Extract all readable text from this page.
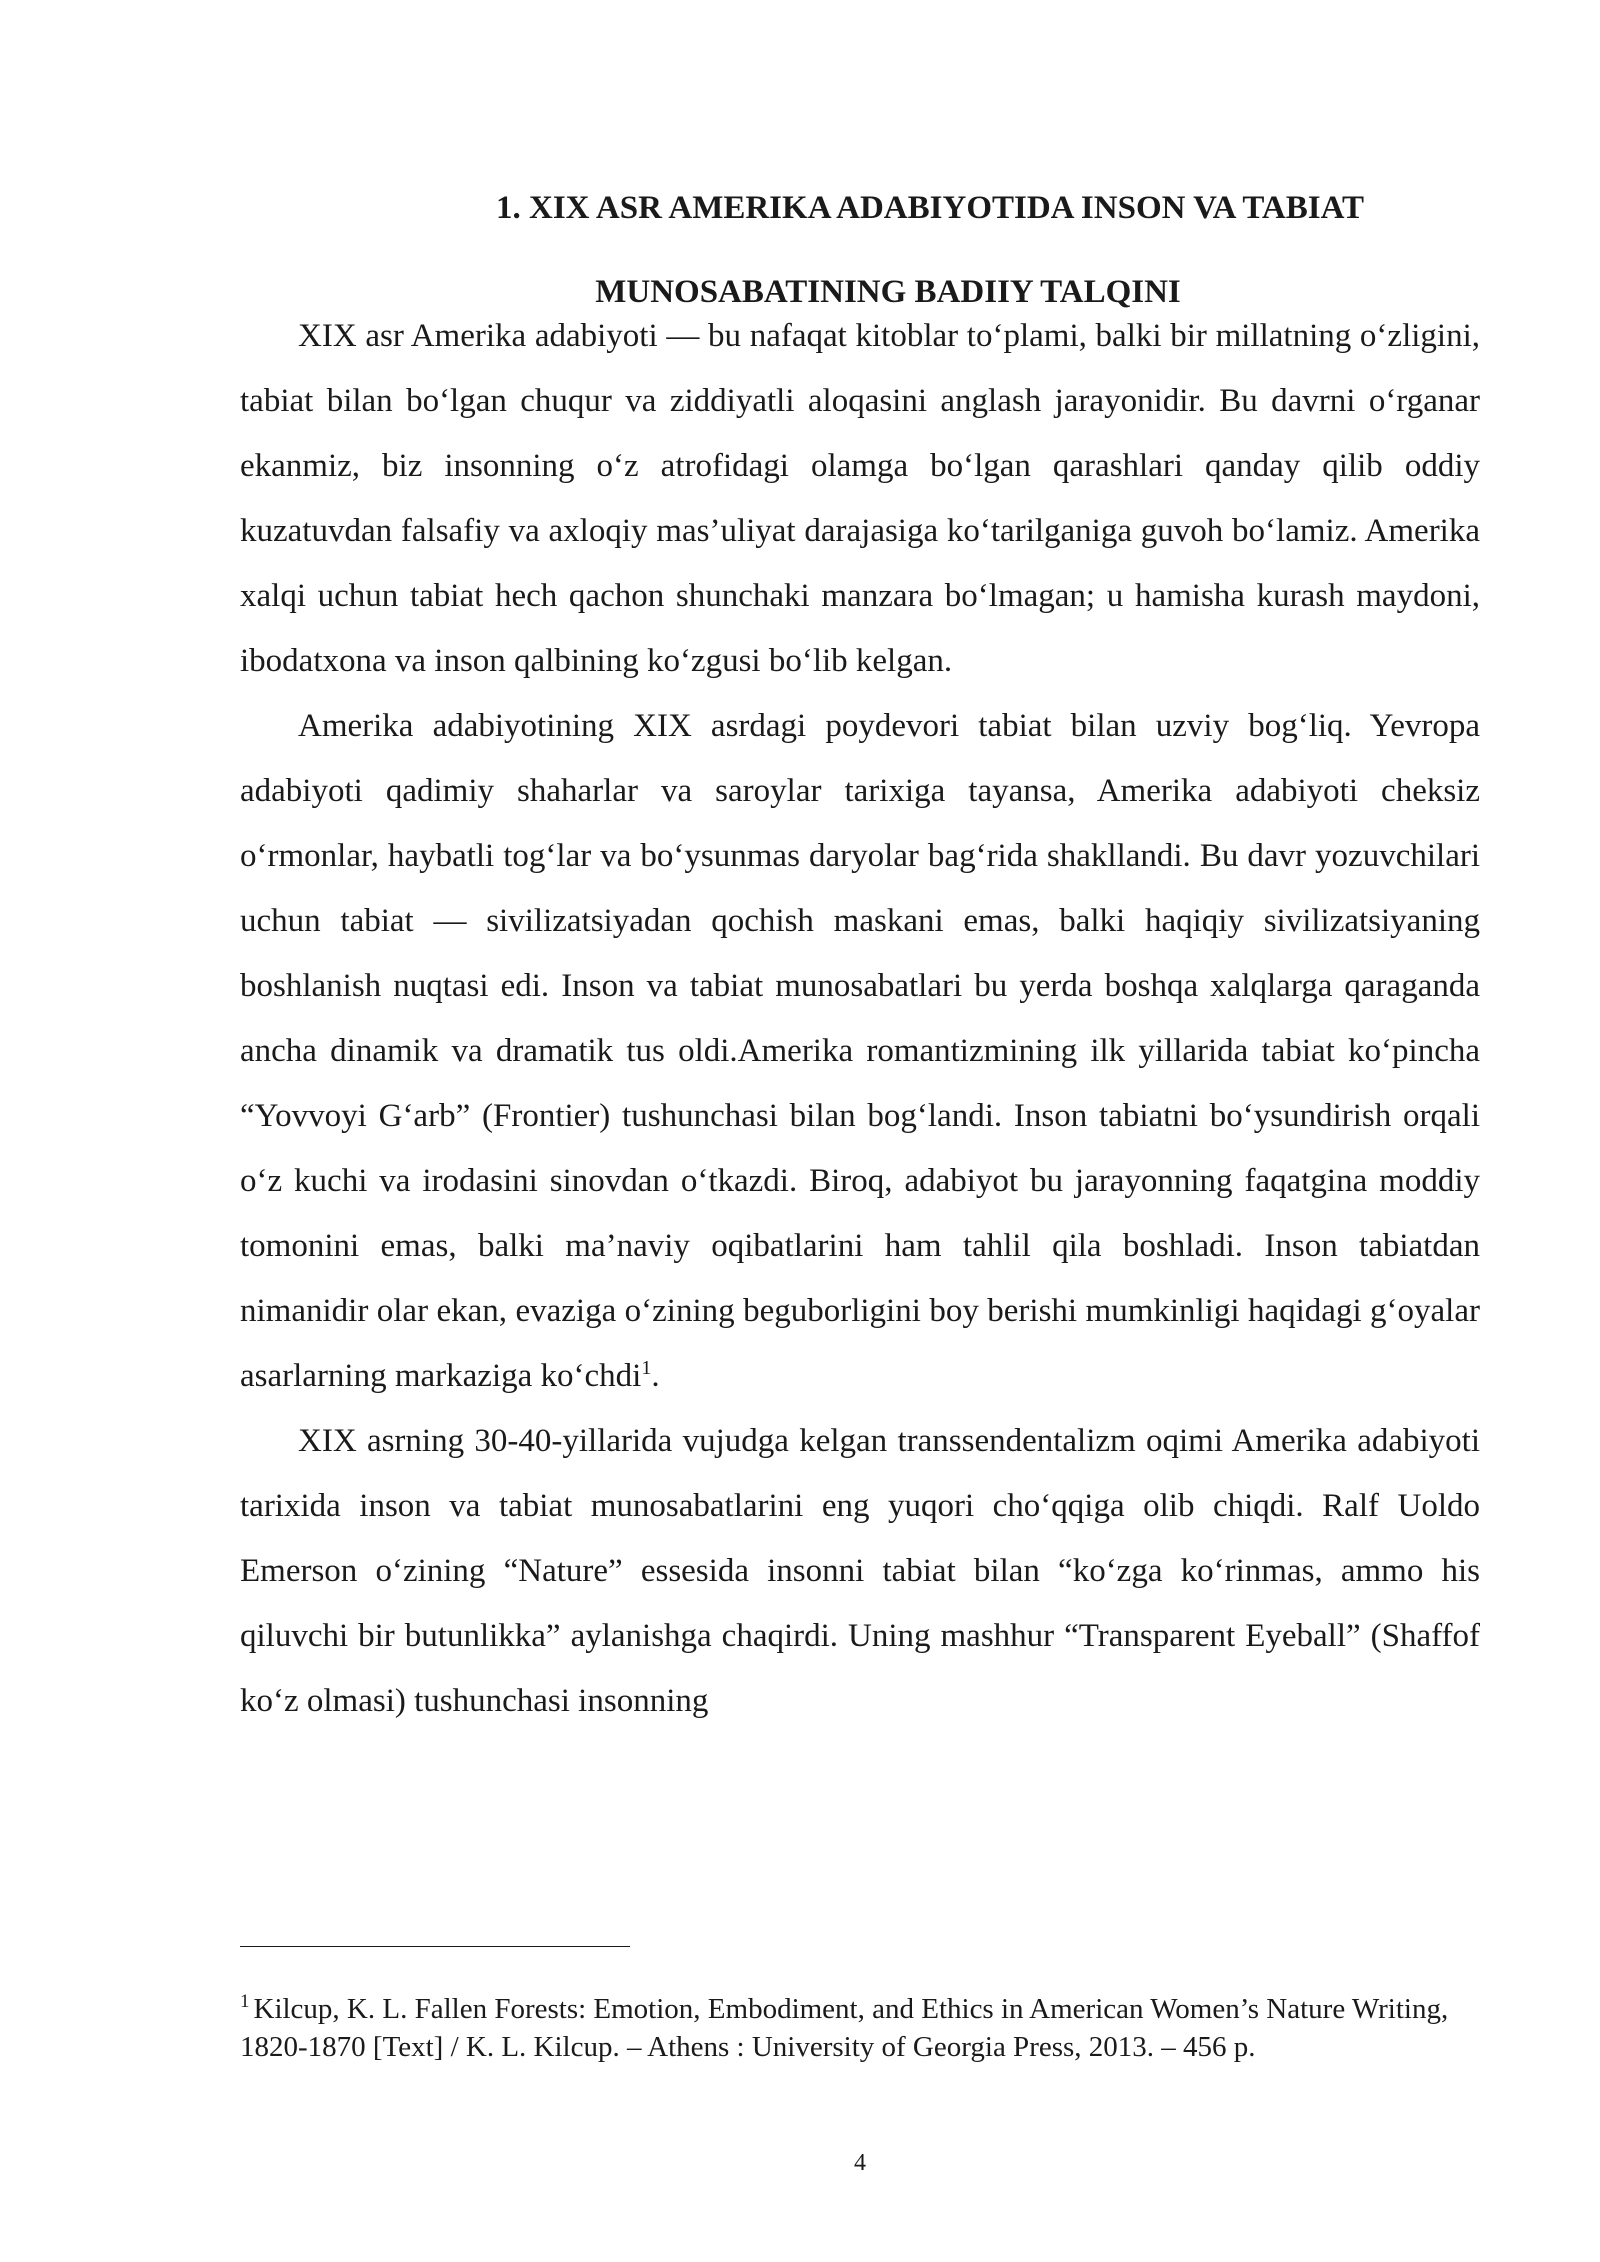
1. XIX ASR AMERIKA ADABIYOTIDA INSON VA TABIAT
MUNOSABATINING BADIIY TALQINI

XIX asr Amerika adabiyoti — bu nafaqat kitoblar to‘plami, balki bir millatning o‘zligini, tabiat bilan bo‘lgan chuqur va ziddiyatli aloqasini anglash jarayonidir. Bu davrni o‘rganar ekanmiz, biz insonning o‘z atrofidagi olamga bo‘lgan qarashlari qanday qilib oddiy kuzatuvdan falsafiy va axloqiy mas’uliyat darajasiga ko‘tarilganiga guvoh bo‘lamiz. Amerika xalqi uchun tabiat hech qachon shunchaki manzara bo‘lmagan; u hamisha kurash maydoni, ibodatxona va inson qalbining ko‘zgusi bo‘lib kelgan.

Amerika adabiyotining XIX asrdagi poydevori tabiat bilan uzviy bog‘liq. Yevropa adabiyoti qadimiy shaharlar va saroylar tarixiga tayansa, Amerika adabiyoti cheksiz o‘rmonlar, haybatli tog‘lar va bo‘ysunmas daryolar bag‘rida shakllandi. Bu davr yozuvchilari uchun tabiat — sivilizatsiyadan qochish maskani emas, balki haqiqiy sivilizatsiyaning boshlanish nuqtasi edi. Inson va tabiat munosabatlari bu yerda boshqa xalqlarga qaraganda ancha dinamik va dramatik tus oldi.Amerika romantizmining ilk yillarida tabiat ko‘pincha “Yovvoyi G‘arb” (Frontier) tushunchasi bilan bog‘landi. Inson tabiatni bo‘ysundirish orqali o‘z kuchi va irodasini sinovdan o‘tkazdi. Biroq, adabiyot bu jarayonning faqatgina moddiy tomonini emas, balki ma’naviy oqibatlarini ham tahlil qila boshladi. Inson tabiatdan nimanidir olar ekan, evaziga o‘zining beguborligini boy berishi mumkinligi haqidagi g‘oyalar asarlarning markaziga ko‘chdi$^1$.

XIX asrning 30-40-yillarida vujudga kelgan transsendentalizm oqimi Amerika adabiyoti tarixida inson va tabiat munosabatlarini eng yuqori cho‘qqiga olib chiqdi. Ralf Uoldo Emerson o‘zining “Nature” essesida insonni tabiat bilan “ko‘zga ko‘rinmas, ammo his qiluvchi bir butunlikka” aylanishga chaqirdi. Uning mashhur “Transparent Eyeball” (Shaffof ko‘z olmasi) tushunchasi insonning

$^1$ Kilcup, K. L. Fallen Forests: Emotion, Embodiment, and Ethics in American Women’s Nature Writing, 1820-1870 [Text] / K. L. Kilcup. – Athens : University of Georgia Press, 2013. – 456 p.
4
